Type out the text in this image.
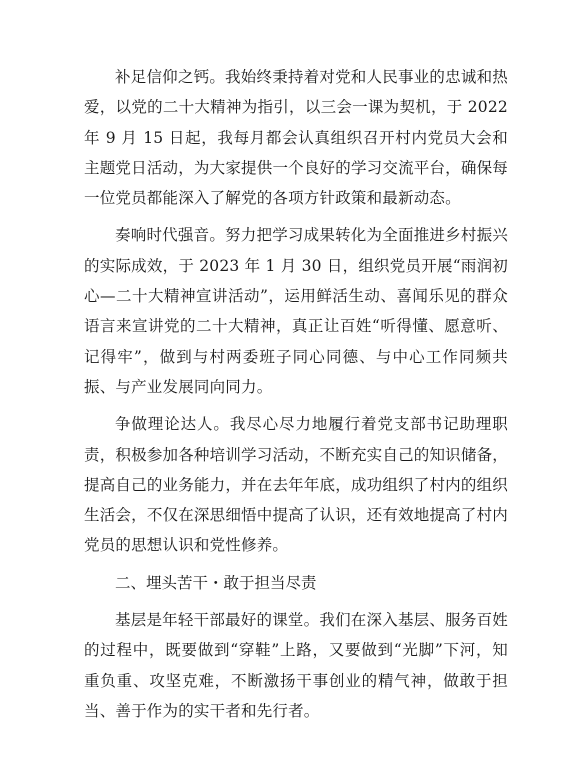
补足信仰之钙。我始终秉持着对党和人民事业的忠诚和热爱，以党的二十大精神为指引，以三会一课为契机，于 2022 年 9 月 15 日起，我每月都会认真组织召开村内党员大会和主题党日活动，为大家提供一个良好的学习交流平台，确保每一位党员都能深入了解党的各项方针政策和最新动态。

奏响时代强音。努力把学习成果转化为全面推进乡村振兴的实际成效，于 2023 年 1 月 30 日，组织党员开展“雨润初心—二十大精神宣讲活动”，运用鲜活生动、喜闻乐见的群众语言来宣讲党的二十大精神，真正让百姓“听得懂、愿意听、记得牢”，做到与村两委班子同心同德、与中心工作同频共振、与产业发展同向同力。

争做理论达人。我尽心尽力地履行着党支部书记助理职责，积极参加各种培训学习活动，不断充实自己的知识储备，提高自己的业务能力，并在去年年底，成功组织了村内的组织生活会，不仅在深思细悟中提高了认识，还有效地提高了村内党员的思想认识和党性修养。

二、埋头苦干・敢于担当尽责

基层是年轻干部最好的课堂。我们在深入基层、服务百姓的过程中，既要做到“穿鞋”上路，又要做到“光脚”下河，知重负重、攻坚克难，不断激扬干事创业的精气神，做敢于担当、善于作为的实干者和先行者。
